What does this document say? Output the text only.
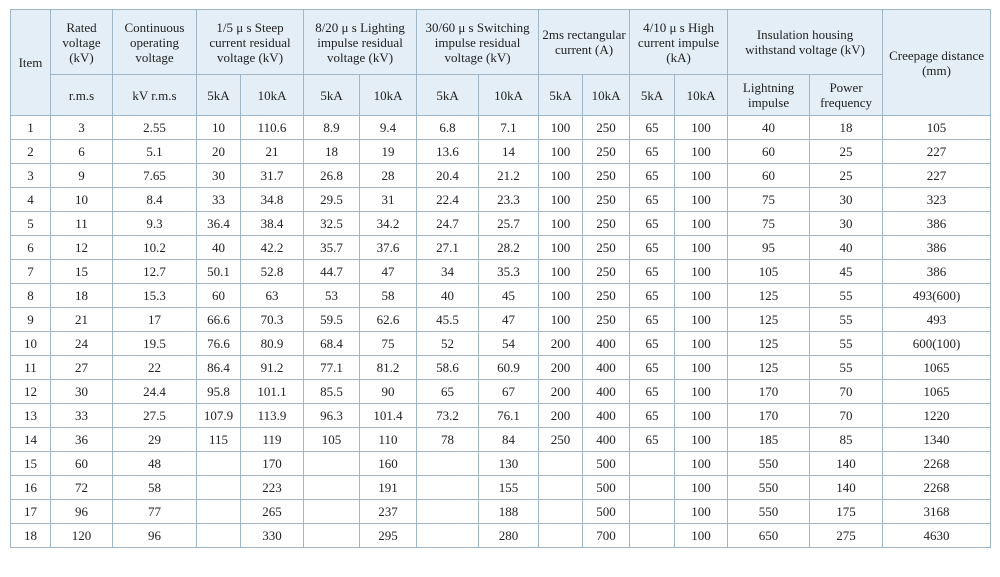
Item	Rated voltage (kV)	Continuous operating voltage	1/5 μ s Steep current residual voltage (kV)		8/20 μ s Lighting impulse residual voltage (kV)		30/60 μ s Switching impulse residual voltage (kV)		2ms rectangular current (A)		4/10 μ s High current impulse (kA)		Insulation housing withstand voltage (kV)		Creepage distance (mm)
	r.m.s	kV r.m.s	5kA	10kA	5kA	10kA	5kA	10kA	5kA	10kA	5kA	10kA	Lightning impulse	Power frequency	
1	3	2.55	10	110.6	8.9	9.4	6.8	7.1	100	250	65	100	40	18	105
2	6	5.1	20	21	18	19	13.6	14	100	250	65	100	60	25	227
3	9	7.65	30	31.7	26.8	28	20.4	21.2	100	250	65	100	60	25	227
4	10	8.4	33	34.8	29.5	31	22.4	23.3	100	250	65	100	75	30	323
5	11	9.3	36.4	38.4	32.5	34.2	24.7	25.7	100	250	65	100	75	30	386
6	12	10.2	40	42.2	35.7	37.6	27.1	28.2	100	250	65	100	95	40	386
7	15	12.7	50.1	52.8	44.7	47	34	35.3	100	250	65	100	105	45	386
8	18	15.3	60	63	53	58	40	45	100	250	65	100	125	55	493(600)
9	21	17	66.6	70.3	59.5	62.6	45.5	47	100	250	65	100	125	55	493
10	24	19.5	76.6	80.9	68.4	75	52	54	200	400	65	100	125	55	600(100)
11	27	22	86.4	91.2	77.1	81.2	58.6	60.9	200	400	65	100	125	55	1065
12	30	24.4	95.8	101.1	85.5	90	65	67	200	400	65	100	170	70	1065
13	33	27.5	107.9	113.9	96.3	101.4	73.2	76.1	200	400	65	100	170	70	1220
14	36	29	115	119	105	110	78	84	250	400	65	100	185	85	1340
15	60	48		170		160		130		500		100	550	140	2268
16	72	58		223		191		155		500		100	550	140	2268
17	96	77		265		237		188		500		100	550	175	3168
18	120	96		330		295		280		700		100	650	275	4630
